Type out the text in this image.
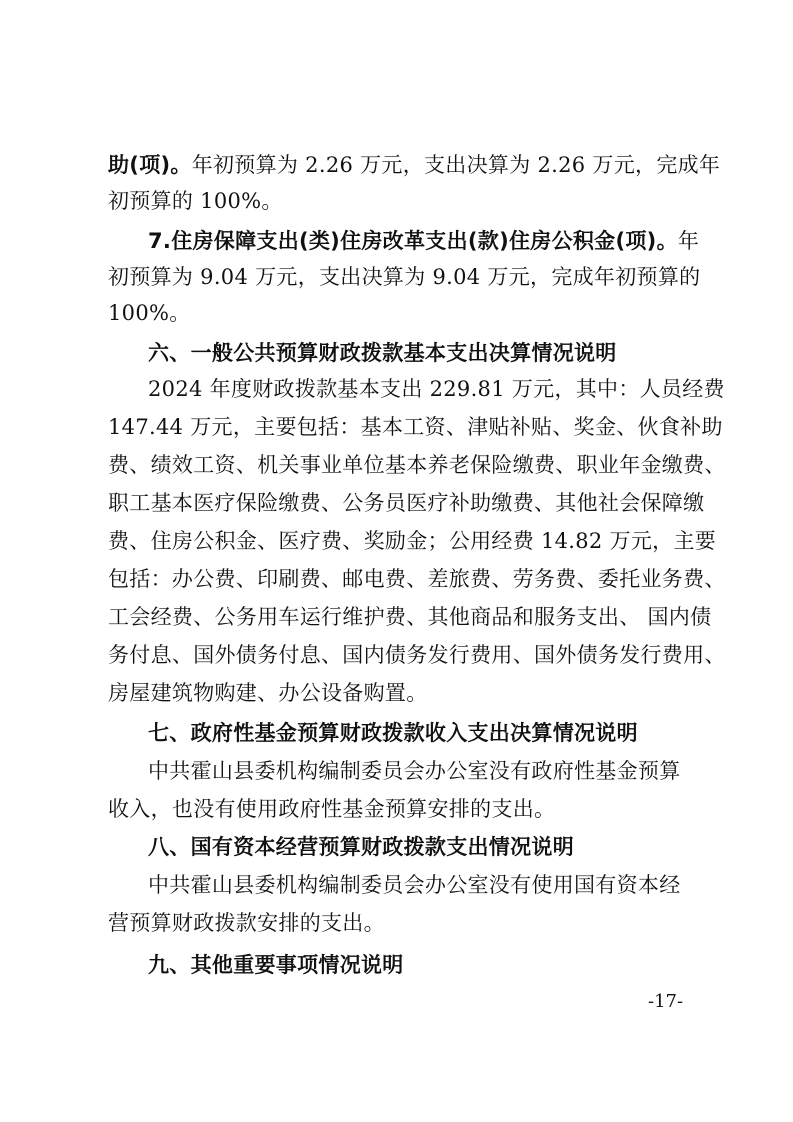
助(项)。年初预算为 2.26 万元，支出决算为 2.26 万元，完成年
初预算的 100%。
7.住房保障支出(类)住房改革支出(款)住房公积金(项)。年
初预算为 9.04 万元，支出决算为 9.04 万元，完成年初预算的
100%。
六、一般公共预算财政拨款基本支出决算情况说明
2024 年度财政拨款基本支出 229.81 万元，其中：人员经费
147.44 万元，主要包括：基本工资、津贴补贴、奖金、伙食补助
费、绩效工资、机关事业单位基本养老保险缴费、职业年金缴费、
职工基本医疗保险缴费、公务员医疗补助缴费、其他社会保障缴
费、住房公积金、医疗费、奖励金；公用经费 14.82 万元，主要
包括：办公费、印刷费、邮电费、差旅费、劳务费、委托业务费、
工会经费、公务用车运行维护费、其他商品和服务支出、 国内债
务付息、国外债务付息、国内债务发行费用、国外债务发行费用、
房屋建筑物购建、办公设备购置。
七、政府性基金预算财政拨款收入支出决算情况说明
中共霍山县委机构编制委员会办公室没有政府性基金预算
收入，也没有使用政府性基金预算安排的支出。
八、国有资本经营预算财政拨款支出情况说明
中共霍山县委机构编制委员会办公室没有使用国有资本经
营预算财政拨款安排的支出。
九、其他重要事项情况说明
-17-
